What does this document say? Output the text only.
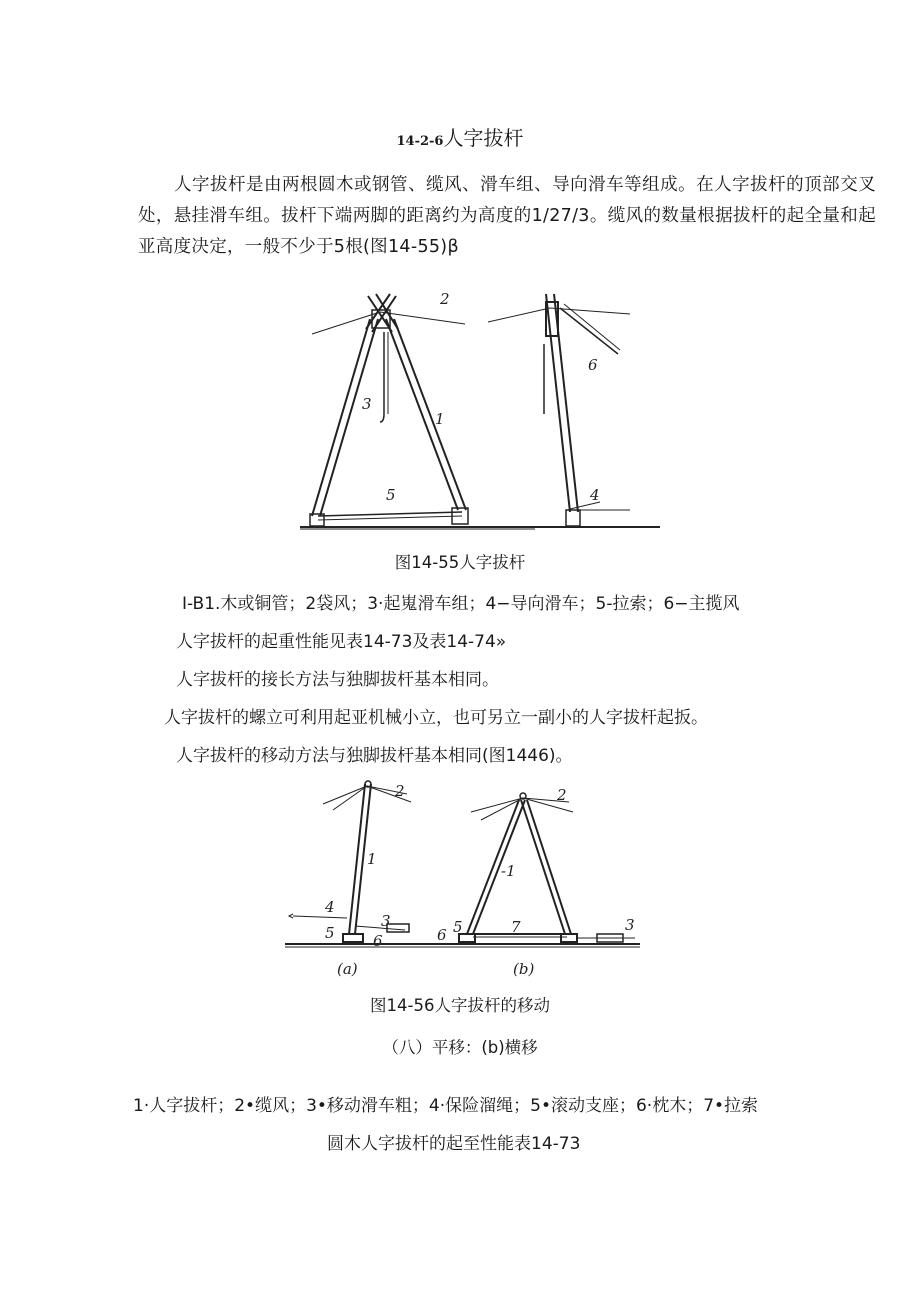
14-2-6人字拔杆
人字拔杆是由两根圆木或钢管、缆风、滑车组、导向滑车等组成。在人字拔杆的顶部交叉处，悬挂滑车组。拔杆下端两脚的距离约为高度的1/27/3。缆风的数量根据拔杆的起全量和起亚高度决定，一般不少于5根(图14-55)β
2
3
1
5
6
4
图14-55人字拔杆
I-B1.木或铜管；2袋风；3·起嵬滑车组；4−导向滑车；5-拉索；6−主揽风
人字拔杆的起重性能见表14-73及表14-74»
人字拔杆的接长方法与独脚拔杆基本相同。
人字拔杆的螺立可利用起亚机械小立，也可另立一副小的人字拔杆起扳。
人字拔杆的移动方法与独脚拔杆基本相同(图1446)。
2
1
4
3
5	6
(a)
2
-1
7	3
5
6
(b)
图14-56人字拔杆的移动
（八）平移：(b)横移
1·人字拔杆；2•缆风；3•移动滑车粗；4·保险溜绳；5•滚动支座；6·枕木；7•拉索
圆木人字拔杆的起至性能表14-73
